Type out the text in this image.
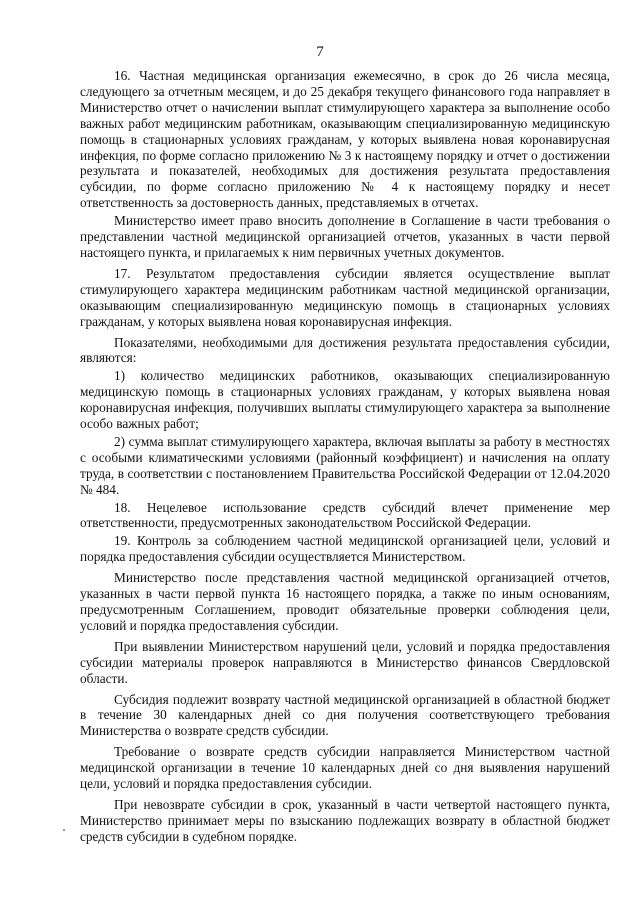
7

16. Частная медицинская организация ежемесячно, в срок до 26 числа месяца, следующего за отчетным месяцем, и до 25 декабря текущего финансового года направляет в Министерство отчет о начислении выплат стимулирующего характера за выполнение особо важных работ медицинским работникам, оказывающим специализированную медицинскую помощь в стационарных условиях гражданам, у которых выявлена новая коронавирусная инфекция, по форме согласно приложению № 3 к настоящему порядку и отчет о достижении результата и показателей, необходимых для достижения результата предоставления субсидии, по форме согласно приложению № 4 к настоящему порядку и несет ответственность за достоверность данных, представляемых в отчетах.

Министерство имеет право вносить дополнение в Соглашение в части требования о представлении частной медицинской организацией отчетов, указанных в части первой настоящего пункта, и прилагаемых к ним первичных учетных документов.

17. Результатом предоставления субсидии является осуществление выплат стимулирующего характера медицинским работникам частной медицинской организации, оказывающим специализированную медицинскую помощь в стационарных условиях гражданам, у которых выявлена новая коронавирусная инфекция.

Показателями, необходимыми для достижения результата предоставления субсидии, являются:

1) количество медицинских работников, оказывающих специализированную медицинскую помощь в стационарных условиях гражданам, у которых выявлена новая коронавирусная инфекция, получивших выплаты стимулирующего характера за выполнение особо важных работ;

2) сумма выплат стимулирующего характера, включая выплаты за работу в местностях с особыми климатическими условиями (районный коэффициент) и начисления на оплату труда, в соответствии с постановлением Правительства Российской Федерации от 12.04.2020 № 484.

18. Нецелевое использование средств субсидий влечет применение мер ответственности, предусмотренных законодательством Российской Федерации.

19. Контроль за соблюдением частной медицинской организацией цели, условий и порядка предоставления субсидии осуществляется Министерством.

Министерство после представления частной медицинской организацией отчетов, указанных в части первой пункта 16 настоящего порядка, а также по иным основаниям, предусмотренным Соглашением, проводит обязательные проверки соблюдения цели, условий и порядка предоставления субсидии.

При выявлении Министерством нарушений цели, условий и порядка предоставления субсидии материалы проверок направляются в Министерство финансов Свердловской области.

Субсидия подлежит возврату частной медицинской организацией в областной бюджет в течение 30 календарных дней со дня получения соответствующего требования Министерства о возврате средств субсидии.

Требование о возврате средств субсидии направляется Министерством частной медицинской организации в течение 10 календарных дней со дня выявления нарушений цели, условий и порядка предоставления субсидии.

При невозврате субсидии в срок, указанный в части четвертой настоящего пункта, Министерство принимает меры по взысканию подлежащих возврату в областной бюджет средств субсидии в судебном порядке.
